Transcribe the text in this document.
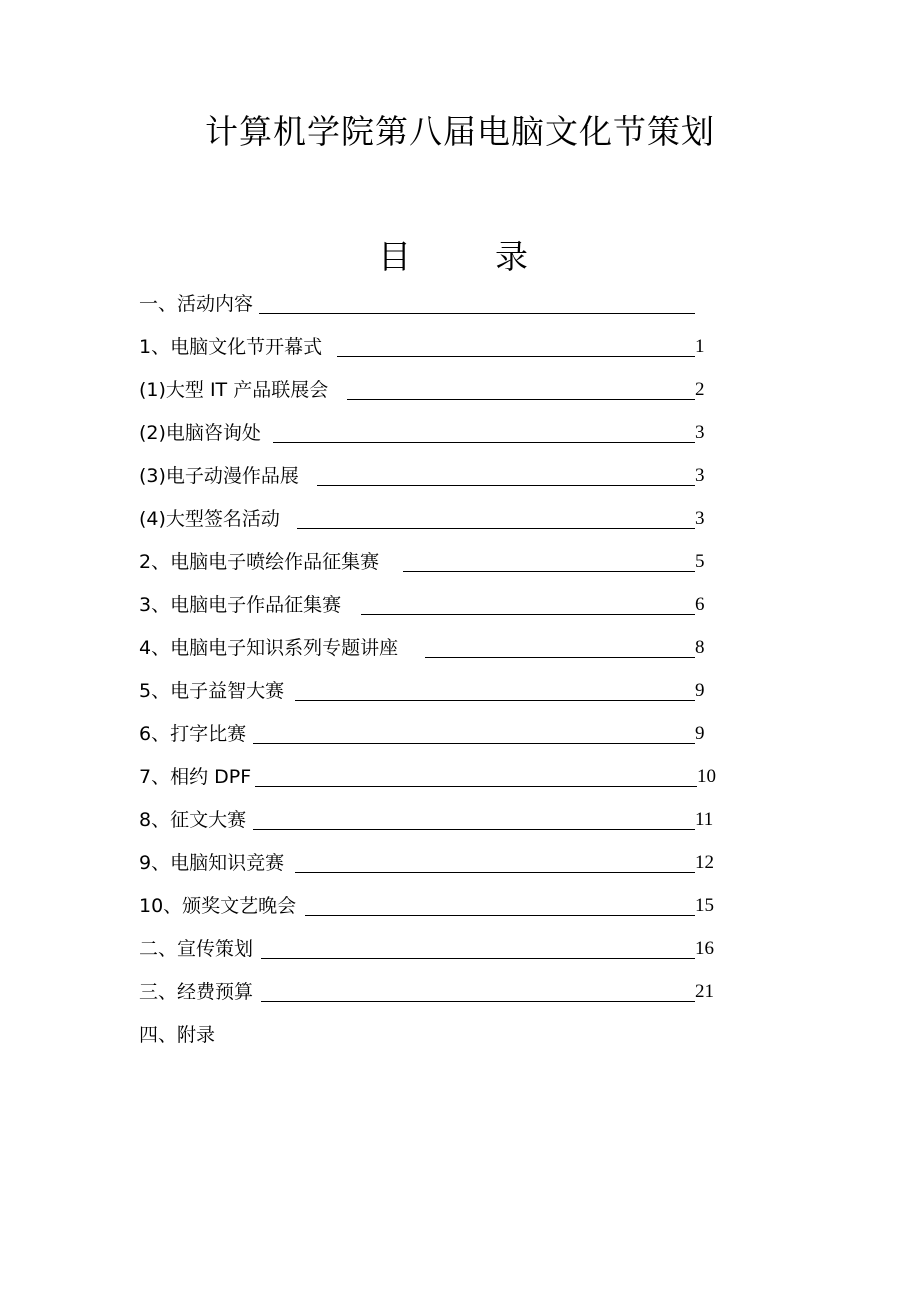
计算机学院第八届电脑文化节策划
目	录
一、活动内容
1、电脑文化节开幕式	1
(1)大型 IT 产品联展会	2
(2)电脑咨询处	3
(3)电子动漫作品展	3
(4)大型签名活动	3
2、电脑电子喷绘作品征集赛	5
3、电脑电子作品征集赛	6
4、电脑电子知识系列专题讲座	8
5、电子益智大赛	9
6、打字比赛	9
7、相约 DPF	10
8、征文大赛	11
9、电脑知识竞赛	12
10、颁奖文艺晚会	15
二、宣传策划	16
三、经费预算	21
四、附录
